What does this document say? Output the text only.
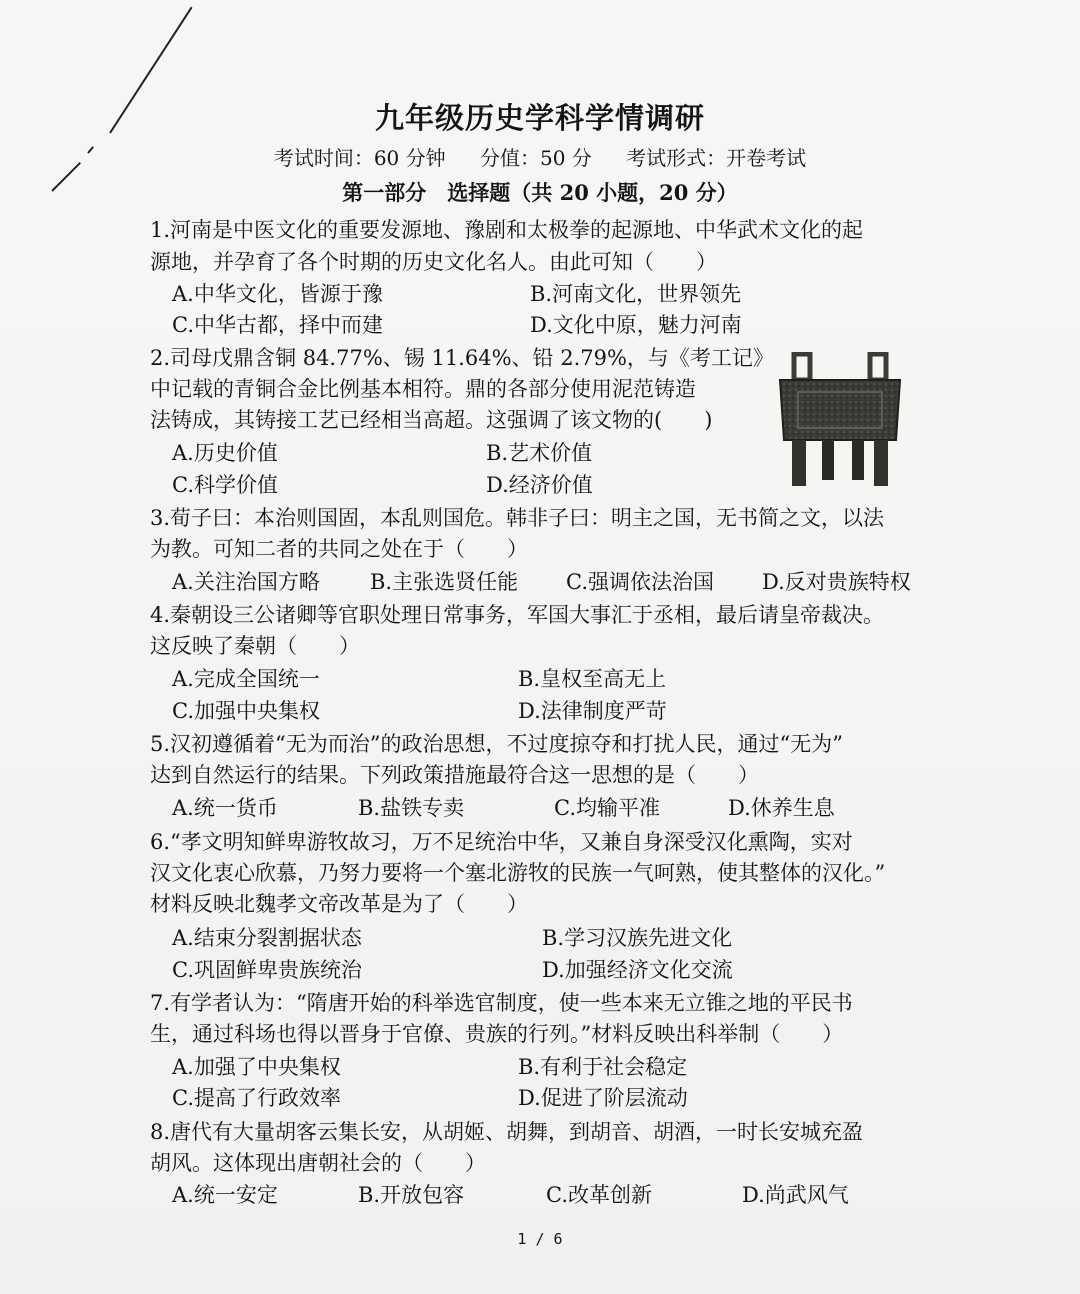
九年级历史学科学情调研
考试时间：60 分钟 分值：50 分 考试形式：开卷考试
第一部分　选择题（共 20 小题，20 分）
1.河南是中医文化的重要发源地、豫剧和太极拳的起源地、中华武术文化的起
源地，并孕育了各个时期的历史文化名人。由此可知（　　）
A.中华文化，皆源于豫	B.河南文化，世界领先
C.中华古都，择中而建	D.文化中原，魅力河南
2.司母戊鼎含铜 84.77%、锡 11.64%、铅 2.79%，与《考工记》
中记载的青铜合金比例基本相符。鼎的各部分使用泥范铸造
法铸成，其铸接工艺已经相当高超。这强调了该文物的(　　)
A.历史价值	B.艺术价值
C.科学价值	D.经济价值
3.荀子曰：本治则国固，本乱则国危。韩非子曰：明主之国，无书简之文，以法
为教。可知二者的共同之处在于（　　）
A.关注治国方略 B.主张选贤任能 C.强调依法治国 D.反对贵族特权
4.秦朝设三公诸卿等官职处理日常事务，军国大事汇于丞相，最后请皇帝裁决。
这反映了秦朝（　　）
A.完成全国统一	B.皇权至高无上
C.加强中央集权	D.法律制度严苛
5.汉初遵循着“无为而治”的政治思想，不过度掠夺和打扰人民，通过“无为”
达到自然运行的结果。下列政策措施最符合这一思想的是（　　）
A.统一货币	B.盐铁专卖	C.均输平准	D.休养生息
6.“孝文明知鲜卑游牧故习，万不足统治中华，又兼自身深受汉化熏陶，实对
汉文化衷心欣慕，乃努力要将一个塞北游牧的民族一气呵熟，使其整体的汉化。”
材料反映北魏孝文帝改革是为了（　　）
A.结束分裂割据状态	B.学习汉族先进文化
C.巩固鲜卑贵族统治	D.加强经济文化交流
7.有学者认为：“隋唐开始的科举选官制度，使一些本来无立锥之地的平民书
生，通过科场也得以晋身于官僚、贵族的行列。”材料反映出科举制（　　）
A.加强了中央集权	B.有利于社会稳定
C.提高了行政效率	D.促进了阶层流动
8.唐代有大量胡客云集长安，从胡姬、胡舞，到胡音、胡酒，一时长安城充盈
胡风。这体现出唐朝社会的（　　）
A.统一安定	B.开放包容	C.改革创新	D.尚武风气
1 / 6
